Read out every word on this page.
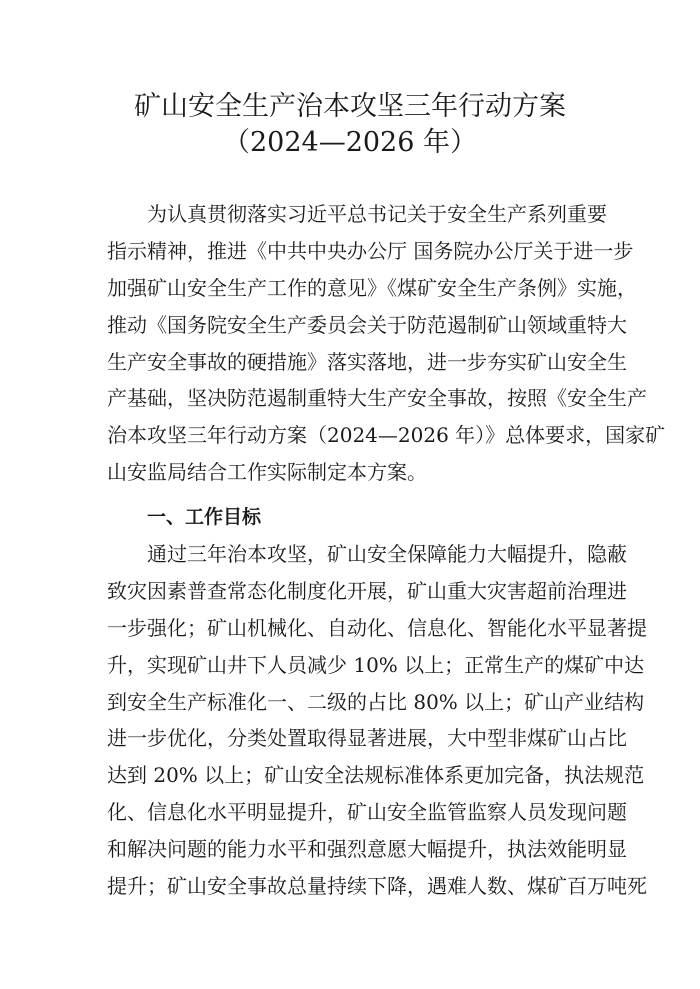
矿山安全生产治本攻坚三年行动方案
（2024—2026 年）
为认真贯彻落实习近平总书记关于安全生产系列重要
指示精神，推进《中共中央办公厅 国务院办公厅关于进一步
加强矿山安全生产工作的意见》《煤矿安全生产条例》实施，
推动《国务院安全生产委员会关于防范遏制矿山领域重特大
生产安全事故的硬措施》落实落地，进一步夯实矿山安全生
产基础，坚决防范遏制重特大生产安全事故，按照《安全生产
治本攻坚三年行动方案（2024—2026 年）》总体要求，国家矿
山安监局结合工作实际制定本方案。
一、工作目标
通过三年治本攻坚，矿山安全保障能力大幅提升，隐蔽
致灾因素普查常态化制度化开展，矿山重大灾害超前治理进
一步强化；矿山机械化、自动化、信息化、智能化水平显著提
升，实现矿山井下人员减少 10% 以上；正常生产的煤矿中达
到安全生产标准化一、二级的占比 80% 以上；矿山产业结构
进一步优化，分类处置取得显著进展，大中型非煤矿山占比
达到 20% 以上；矿山安全法规标准体系更加完备，执法规范
化、信息化水平明显提升，矿山安全监管监察人员发现问题
和解决问题的能力水平和强烈意愿大幅提升，执法效能明显
提升；矿山安全事故总量持续下降，遇难人数、煤矿百万吨死
